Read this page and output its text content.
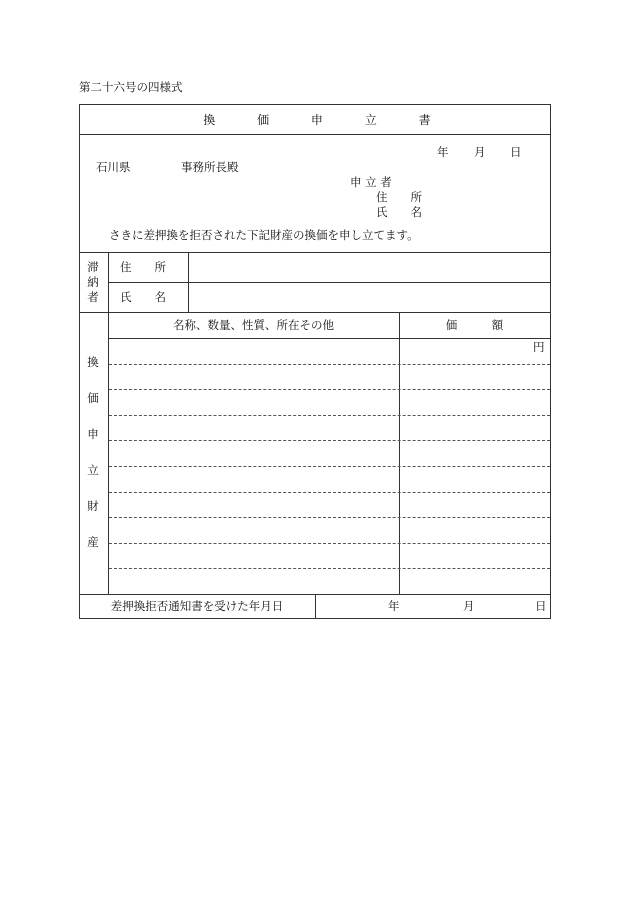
第二十六号の四様式
換	価	申	立	書
年 月 日
石川県	事務所長殿
申 立 者
住　　所
氏　　名
さきに差押換を拒否された下記財産の換価を申し立てます。
滞
納
者
住　　所
氏　　名
換
価
申
立
財
産
名称、数量、性質、所在その他	価　　　額
円
差押換拒否通知書を受けた年月日	年	月	日
